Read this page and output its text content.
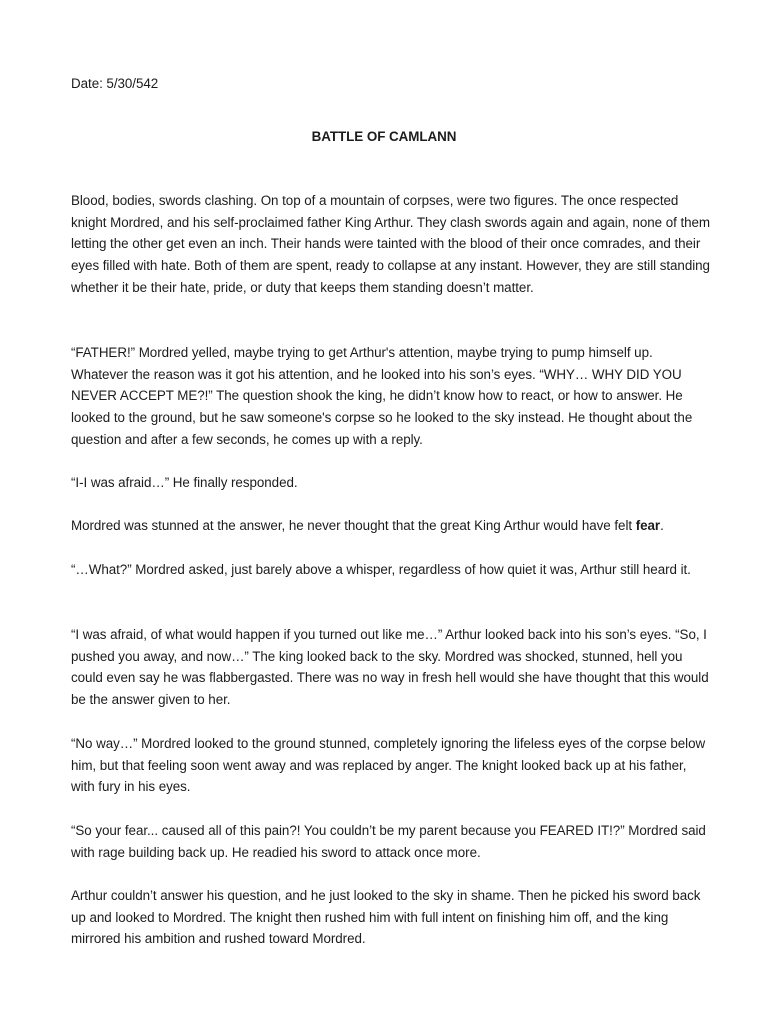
Date: 5/30/542
BATTLE OF CAMLANN

Blood, bodies, swords clashing. On top of a mountain of corpses, were two figures. The once respected knight Mordred, and his self-proclaimed father King Arthur. They clash swords again and again, none of them letting the other get even an inch. Their hands were tainted with the blood of their once comrades, and their eyes filled with hate. Both of them are spent, ready to collapse at any instant. However, they are still standing whether it be their hate, pride, or duty that keeps them standing doesn’t matter.

“FATHER!” Mordred yelled, maybe trying to get Arthur's attention, maybe trying to pump himself up. Whatever the reason was it got his attention, and he looked into his son’s eyes. “WHY… WHY DID YOU NEVER ACCEPT ME?!” The question shook the king, he didn’t know how to react, or how to answer. He looked to the ground, but he saw someone's corpse so he looked to the sky instead. He thought about the question and after a few seconds, he comes up with a reply.

“I-I was afraid…” He finally responded.

Mordred was stunned at the answer, he never thought that the great King Arthur would have felt fear.

“…What?” Mordred asked, just barely above a whisper, regardless of how quiet it was, Arthur still heard it.

“I was afraid, of what would happen if you turned out like me…” Arthur looked back into his son’s eyes. “So, I pushed you away, and now…” The king looked back to the sky. Mordred was shocked, stunned, hell you could even say he was flabbergasted. There was no way in fresh hell would she have thought that this would be the answer given to her.

“No way…” Mordred looked to the ground stunned, completely ignoring the lifeless eyes of the corpse below him, but that feeling soon went away and was replaced by anger. The knight looked back up at his father, with fury in his eyes.

“So your fear... caused all of this pain?! You couldn’t be my parent because you FEARED IT!?” Mordred said with rage building back up. He readied his sword to attack once more.

Arthur couldn’t answer his question, and he just looked to the sky in shame. Then he picked his sword back up and looked to Mordred. The knight then rushed him with full intent on finishing him off, and the king mirrored his ambition and rushed toward Mordred.
